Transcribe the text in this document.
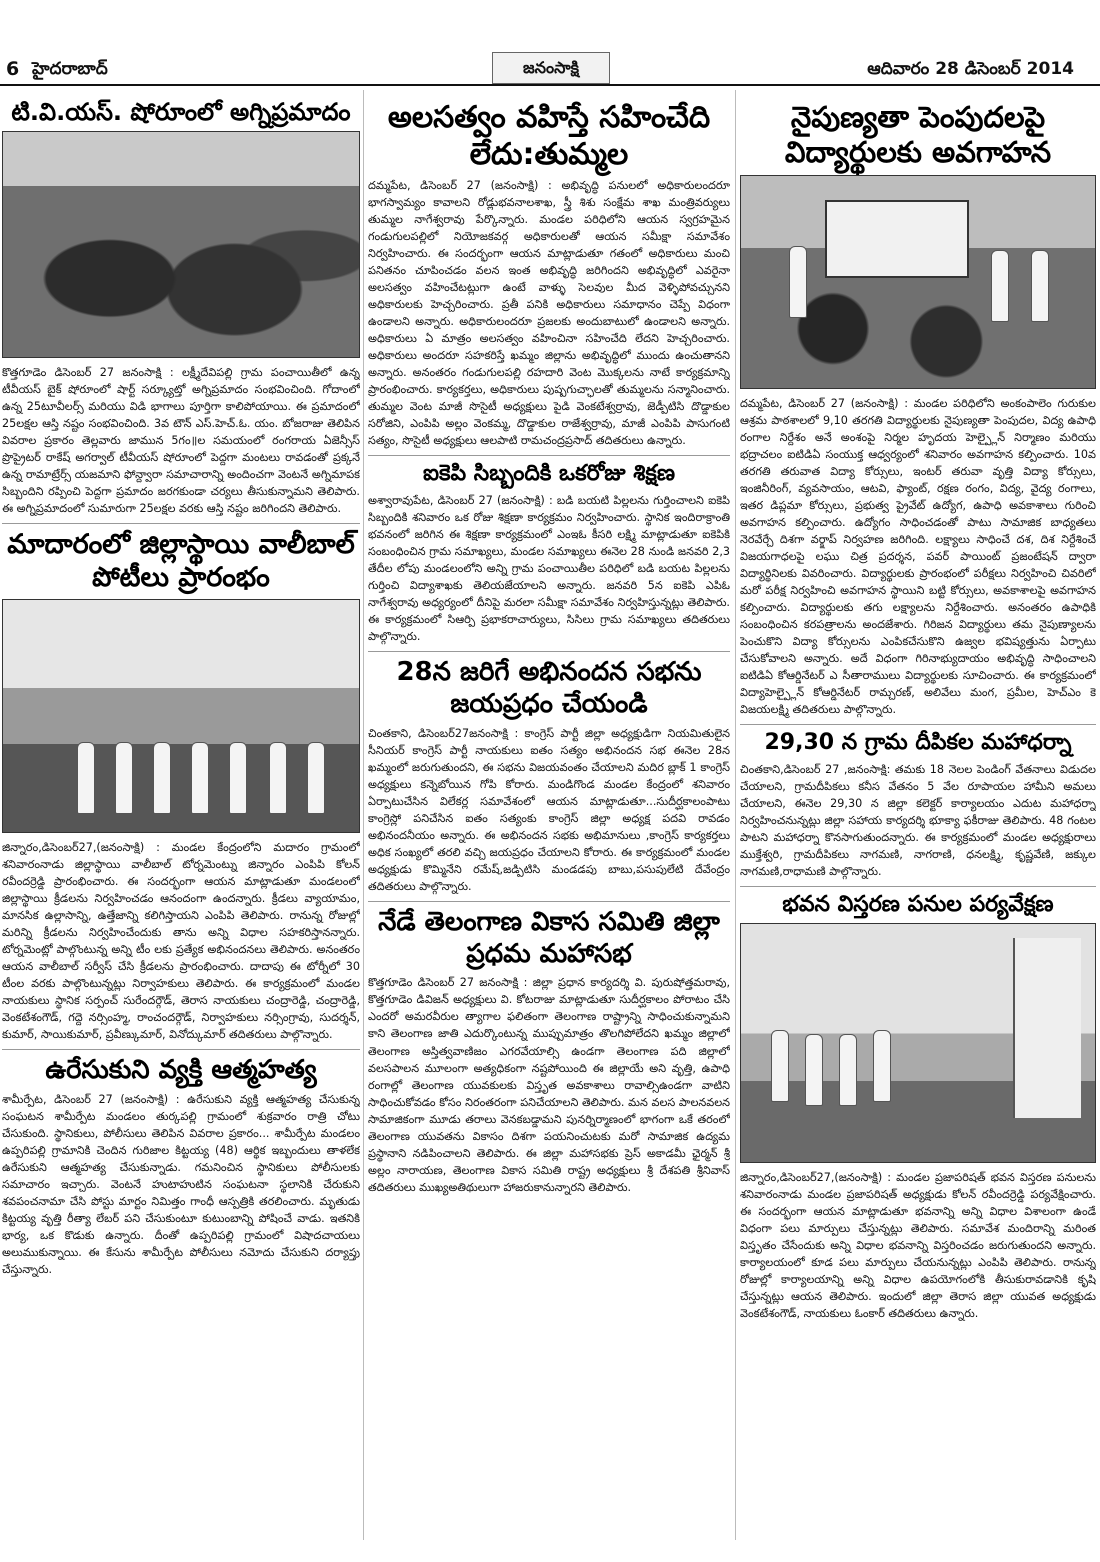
6 హైదరాబాద్	జనంసాక్షి	ఆదివారం 28 డిసెంబర్ 2014
టి.వి.యస్. షోరూంలో అగ్నిప్రమాదం

కొత్తగూడెం డిసెంబర్ 27 జనంసాక్షి : లక్ష్మీదేవిపల్లి గ్రామ పంచాయితీలో ఉన్న టీవీయస్ బైక్ షోరూంలో షార్ట్ సర్క్యూట్తో అగ్నిప్రమాదం సంభవించింది. గోదాంలో ఉన్న 25టూవీలర్స్ మరియు విడి భాగాలు పూర్తిగా కాలిపోయాయి. ఈ ప్రమాదంలో 25లక్షల ఆస్తి నష్టం సంభవించింది. 3వ టౌన్ ఎస్.హెచ్.ఓ. యం. బోజరాజు తెలిపిన వివరాల ప్రకారం తెల్లవారు జామున 5గం॥ల సమయంలో రంగరాయ ఏజెన్సీస్ ప్రొప్రైటర్ రాకేష్ అగర్వాల్ టీవీయస్ షోరూంలో పెద్దగా మంటలు రావడంతో ప్రక్కనే ఉన్న రామాట్రేర్స్ యజమాని ఫోన్ద్వారా సమాచారాన్ని అందించగా వెంటనే అగ్నిమాపక సిబ్బందిని రప్పించి పెద్దగా ప్రమాదం జరగకుండా చర్యలు తీసుకున్నామని తెలిపారు. ఈ అగ్నిప్రమాదంలో సుమారుగా 25లక్షల వరకు ఆస్తి నష్టం జరిగిందని తెలిపారు.

మాదారంలో జిల్లాస్థాయి వాలీబాల్ పోటీలు ప్రారంభం

జిన్నారం,డిసెంబర్27,(జనంసాక్షి) : మండల కేంద్రంలోని మదారం గ్రామంలో శనివారంనాడు జిల్లాస్థాయి వాలీబాల్ టోర్నమెంట్ను జిన్నారం ఎంపిపి కోలన్ రవీందర్రెడ్డి ప్రారంభించారు. ఈ సందర్భంగా ఆయన మాట్లాడుతూ మండలంలో జిల్లాస్థాయి క్రీడలను నిర్వహించడం ఆనందంగా ఉందన్నారు. క్రీడలు వ్యాయామం, మానసిక ఉల్లాసాన్ని, ఉత్తేజాన్ని కలిగిస్తాయని ఎంపిపి తెలిపారు. రానున్న రోజుల్లో మరిన్ని క్రీడలను నిర్వహించేందుకు తాను అన్ని విధాల సహకరిస్తానన్నారు. టోర్నమెంట్లో పాల్గొంటున్న అన్ని టీం లకు ప్రత్యేక అభినందనలు తెలిపారు. అనంతరం ఆయన వాలీబాల్ సర్వీస్ చేసి క్రీడలను ప్రారంభించారు. దాదాపు ఈ టోర్నీలో 30 టీంల వరకు పాల్గొంటున్నట్లు నిర్వాహకులు తెలిపారు. ఈ కార్యక్రమంలో మండల నాయకులు స్థానిక సర్పంచ్ సురేందర్గౌడ్, తెరాస నాయకులు చంద్రారెడ్డి, చంద్రారెడ్డి, వెంకటేశంగౌడ్, గద్దె నర్సింహ్మ, రాంచందర్గౌడ్, నిర్వాహకులు నర్సింగ్రావు, సుదర్శన్, కుమార్, సాయికుమార్, ప్రవీణ్కుమార్, వినోద్కుమార్ తదితరులు పాల్గొన్నారు.

ఉరేసుకుని వ్యక్తి ఆత్మహత్య

శామీర్పేట, డిసెంబర్ 27 (జనంసాక్షి) : ఉరేసుకుని వ్యక్తి ఆత్మహత్య చేసుకున్న సంఘటన శామీర్పేట మండలం తుర్కపల్లి గ్రామంలో శుక్రవారం రాత్రి చోటు చేసుకుంది. స్థానికులు, పోలీసులు తెలిపిన వివరాల ప్రకారం... శామీర్పేట మండలం ఉప్పరిపల్లి గ్రామానికి చెందిన గురిజాల కిట్టయ్య (48) ఆర్థిక ఇబ్బందులు తాళలేక ఉరేసుకుని ఆత్మహత్య చేసుకున్నాడు. గమనించిన స్థానికులు పోలీసులకు సమాచారం ఇచ్చారు. వెంటనే హుటాహుటిన సంఘటనా స్థలానికి చేరుకుని శవపంచనామా చేసి పోస్టు మార్టం నిమిత్తం గాంధీ ఆస్పత్రికి తరలించారు. మృతుడు కిట్టయ్య వృత్తి రీత్యా లేబర్ పని చేసుకుంటూ కుటుంబాన్ని పోషించే వాడు. ఇతనికి భార్య, ఒక కొడుకు ఉన్నారు. దీంతో ఉప్పరిపల్లి గ్రామంలో విషాదచాయలు అలుముకున్నాయి. ఈ కేసును శామీర్పేట పోలీసులు నమోదు చేసుకుని దర్యాప్తు చేస్తున్నారు.

అలసత్వం వహిస్తే సహించేది లేదు:తుమ్మల

దమ్మపేట, డిసెంబర్ 27 (జనంసాక్షి) : అభివృద్ధి పనులలో అధికారులందరూ భాగస్వామ్యం కావాలని రోడ్లుభవనాలశాఖ, స్త్రీ శిశు సంక్షేమ శాఖ మంత్రివర్యులు తుమ్మల నాగేశ్వరావు పేర్కొన్నారు. మండల పరిధిలోని ఆయన స్వగ్రహమైన గండుగులపల్లిలో నియోజకవర్గ అధికారులతో ఆయన సమీక్షా సమావేశం నిర్వహించారు. ఈ సందర్భంగా ఆయన మాట్లాడుతూ గతంలో అధికారులు మంచి పనితనం చూపించడం వలన ఇంత అభివృద్ధి జరిగిందని అభివృద్ధిలో ఎవరైనా అలసత్వం వహించేటట్లుగా ఉంటే వాళ్ళు సెలవుల మీద వెళ్ళిపోవచ్చునని అధికారులకు హెచ్చరించారు. ప్రతీ పనికి అధికారులు సమాధానం చెప్పే విధంగా ఉండాలని అన్నారు. అధికారులందరూ ప్రజలకు అందుబాటులో ఉండాలని అన్నారు. అధికారులు ఏ మాత్రం అలసత్వం వహించినా సహించేది లేదని హెచ్చరించారు. అధికారులు అందరూ సహకరిస్తే ఖమ్మం జిల్లాను అభివృద్ధిలో ముందు ఉంచుతానని అన్నారు. అనంతరం గండుగులపల్లి రహదారి వెంట మొక్కలను నాటే కార్యక్రమాన్ని ప్రారంభించారు. కార్యకర్తలు, అధికారులు పుష్పగుచ్ఛాలతో తుమ్మలను సన్మానించారు. తుమ్మల వెంట మాజీ సొసైటీ అధ్యక్షులు పైడి వెంకటేశ్వర్రావు, జెడ్పీటిసి దొడ్డాకుల సరోజిని, ఎంపిపి అల్లం వెంకమ్మ, దొడ్డాకుల రాజేశ్వర్రావు, మాజీ ఎంపిపి పాసుగంటి సత్యం, సొసైటీ అధ్యక్షులు ఆలపాటి రామచంద్రప్రసాద్ తదితరులు ఉన్నారు.

ఐకెపి సిబ్బందికి ఒకరోజు శిక్షణ

అశ్వారావుపేట, డిసెంబర్ 27 (జనంసాక్షి) : బడి బయటి పిల్లలను గుర్తించాలని ఐకెపి సిబ్బందికి శనివారం ఒక రోజు శిక్షణా కార్యక్రమం నిర్వహించారు. స్థానిక ఇందిరాక్రాంతి భవనంలో జరిగిన ఈ శిక్షణా కార్యక్రమంలో ఎంఇఓ కీసరి లక్ష్మి మాట్లాడుతూ ఐకెపికి సంబంధించిన గ్రామ సమాఖ్యలు, మండల సమాఖ్యలు ఈనెల 28 నుండి జనవరి 2,3 తేదీల లోపు మండలంలోని అన్ని గ్రామ పంచాయితీల పరిధిలో బడి బయట పిల్లలను గుర్తించి విద్యాశాఖకు తెలియజేయాలని అన్నారు. జనవరి 5న ఐకెపి ఎపిఓ నాగేశ్వరావు అధ్యర్యంలో దీనిపై మరలా సమీక్షా సమావేశం నిర్వహిస్తున్నట్లు తెలిపారు. ఈ కార్యక్రమంలో సిఆర్పి ప్రభాకరాచార్యులు, సిసిలు గ్రామ సమాఖ్యలు తదితరులు పాల్గొన్నారు.

28న జరిగే అభినందన సభను జయప్రధం చేయండి

చింతకాని, డిసెంబర్27జనంసాక్షి : కాంగ్రెస్ పార్టీ జిల్లా అధ్యక్షుడిగా నియమితులైన సీనియర్ కాంగ్రెస్ పార్టీ నాయకులు ఐతం సత్యం అభినందన సభ ఈనెల 28న ఖమ్మంలో జరుగుతుందని, ఈ సభను విజయవంతం చేయాలని మదిర బ్లాక్ 1 కాంగ్రెస్ అధ్యక్షులు కన్నెబోయిన గోపి కోరారు. మండిగొండ మండల కేంద్రంలో శనివారం ఏర్పాటుచేసిన విలేకర్ల సమావేశంలో ఆయన మాట్లాడుతూ...సుదీర్ఘకాలంపాటు కాంగ్రెస్లో పనిచేసిన ఐతం సత్యంకు కాంగ్రెస్ జిల్లా అధ్యక్ష పదవి రావడం అభినందనీయం అన్నారు. ఈ అభినందన సభకు అభిమానులు ,కాంగ్రెస్ కార్యకర్తలు అధిక సంఖ్యలో తరలి వచ్చి జయప్రధం చేయాలని కోరారు. ఈ కార్యక్రమంలో మండల అధ్యక్షుడు కొమ్మినేని రమేష్,జడ్పిటిసి మండడపు బాబు,పసుపులేటి దేవేంద్రం తదితరులు పాల్గొన్నారు.

నేడే తెలంగాణ వికాస సమితి జిల్లా ప్రధమ మహాసభ

కొత్తగూడెం డిసెంబర్ 27 జనంసాక్షి : జిల్లా ప్రధాన కార్యదర్శి వి. పురుషోత్తమరావు, కొత్తగూడెం డివిజన్ అధ్యక్షులు వి. కోటరాజు మాట్లాడుతూ సుదీర్ఘకాలం పోరాటం చేసి ఎందరో అమరవీరుల త్యాగాల ఫలితంగా తెలంగాణ రాష్ట్రాన్ని సాధించుకున్నామని కాని తెలంగాణ జాతి ఎదుర్కొంటున్న ముప్పుమాత్రం తొలగిపోలేదని ఖమ్మం జిల్లాలో తెలంగాణ అస్తిత్వవాణిజం ఎగరవేయాల్సి ఉండగా తెలంగాణ పది జిల్లాలో వలసపాలన మూలంగా అత్యధికంగా నష్టపోయింది ఈ జిల్లాయే అని వృత్తి, ఉపాధి రంగాల్లో తెలంగాణ యువకులకు విస్తృత అవకాశాలు రావాల్సిఉండగా వాటిని సాధించుకోవడం కోసం నిరంతరంగా పనిచేయాలని తెలిపారు. మన వలస పాలనవలన సామాజికంగా మూడు తరాలు వెనకబడ్డామని పునర్నిర్మాణంలో భాగంగా ఒకే తరంలో తెలంగాణ యువతను వికాసం దిశగా పయనించుటకు మరో సామాజిక ఉద్యమ ప్రస్థానాని నడిపించాలని తెలిపారు. ఈ జిల్లా మహాసభకు ప్రెస్ అకాడమీ ఛైర్మన్ శ్రీ అల్లం నారాయణ, తెలంగాణ వికాస సమితి రాష్ట్ర అధ్యక్షులు శ్రీ దేశపతి శ్రీనివాస్ తదితరులు ముఖ్యఅతిథులుగా హాజరుకానున్నారని తెలిపారు.

నైపుణ్యతా పెంపుదలపై విద్యార్థులకు అవగాహన

దమ్మపేట, డిసెంబర్ 27 (జనంసాక్షి) : మండల పరిధిలోని అంకంపాలెం గురుకుల ఆశ్రమ పాఠశాలలో 9,10 తరగతి విద్యార్థులకు నైపుణ్యతా పెంపుదల, విద్య ఉపాధి రంగాల నిర్దేశం అనే అంశంపై నిర్మల హృదయ హెల్ప్లైన్ నిర్మాణం మరియు భద్రాచలం ఐటిడిఏ సంయుక్త ఆధ్వర్యంలో శనివారం అవగాహన కల్పించారు. 10వ తరగతి తరువాత విద్యా కోర్సులు, ఇంటర్ తరువా వృత్తి విద్యా కోర్సులు, ఇంజినీరింగ్, వ్యవసాయం, ఆటవి, ఫ్యాంట్, రక్షణ రంగం, విద్య, వైద్య రంగాలు, ఇతర డిప్లమా కోర్సులు, ప్రభుత్వ ప్రైవేట్ ఉద్యోగ, ఉపాధి అవకాశాలు గురించి అవగాహన కల్పించారు. ఉద్యోగం సాధించడంతో పాటు సామాజిక బాధ్యతలు నెరవేర్చే దిశగా వర్క్షాప్ నిర్వహణ జరిగింది. లక్ష్యాలు సాధించే దశ, దిశ నిర్దేశించే విజయగాధలపై లఘు చిత్ర ప్రదర్శన, పవర్ పాయింట్ ప్రజంటేషన్ ద్వారా విద్యార్థినిలకు వివరించారు. విద్యార్థులకు ప్రారంభంలో పరీక్షలు నిర్వహించి చివరిలో మరో పరీక్ష నిర్వహించి అవగాహన స్థాయిని బట్టి కోర్సులు, అవకాశాలపై అవగాహన కల్పించారు. విద్యార్థులకు తగు లక్ష్యాలను నిర్దేశించారు. అనంతరం ఉపాధికి సంబంధించిన కరపత్రాలను అందజేశారు. గిరిజన విద్యార్థులు తమ నైపుణ్యాలను పెంచుకొని విద్యా కోర్సులను ఎంపికచేసుకొని ఉజ్వల భవిష్యత్తును ఏర్పాటు చేసుకోవాలని అన్నారు. అదే విధంగా గిరినాభ్యుదాయం అభివృద్ధి సాధించాలని ఐటిడిఏ కోఆర్డినేటర్ ఎ సీతారాములు విద్యార్థులకు సూచించారు. ఈ కార్యక్రమంలో విద్యాహెల్ప్లైన్ కోఆర్డినేటర్ రామ్చరణ్, అలివేలు మంగ, ప్రమీల, హెచ్ఎం కె విజయలక్ష్మి తదితరులు పాల్గొన్నారు.

29,30 న గ్రామ దీపికల మహాధర్నా

చింతకాని,డిసెంబర్ 27 ,జనంసాక్షి: తమకు 18 నెలల పెండింగ్ వేతనాలు విడుదల చేయాలని, గ్రామదీపికలు కనీస వేతనం 5 వేల రూపాయల హామీని అమలు చేయాలని, ఈనెల 29,30 న జిల్లా కలెక్టర్ కార్యాలయం ఎదుట మహాధర్నా నిర్వహించనున్నట్లు జిల్లా సహాయ కార్యదర్శి భూక్యా ఫకీరాజు తెలిపారు. 48 గంటల పాటని మహాధర్నా కొనసాగుతుందన్నారు. ఈ కార్యక్రమంలో మండల అధ్యక్షురాలు ముక్తేశ్వరి, గ్రామదీపికలు నాగమణి, నాగరాణి, ధనలక్ష్మి, కృష్ణవేణి, జక్కుల నాగమణి,రాధామణి పాల్గొన్నారు.

భవన విస్తరణ పనుల పర్యవేక్షణ

జిన్నారం,డిసెంబర్27,(జనంసాక్షి) : మండల ప్రజాపరిషత్ భవన విస్తరణ పనులను శనివారంనాడు మండల ప్రజాపరిషత్ అధ్యక్షుడు కోలన్ రవీందర్రెడ్డి పర్యవేక్షించారు. ఈ సందర్భంగా ఆయన మాట్లాడుతూ భవనాన్ని అన్ని విధాల విశాలంగా ఉండే విధంగా పలు మార్పులు చేస్తున్నట్లు తెలిపారు. సమావేశ మందిరాన్ని మరింత విస్తృతం చేసేందుకు అన్ని విధాల భవనాన్ని విస్తరించడం జరుగుతుందని అన్నారు. కార్యాలయంలో కూడ పలు మార్పులు చేయనున్నట్లు ఎంపిపి తెలిపారు. రానున్న రోజుల్లో కార్యాలయాన్ని అన్ని విధాల ఉపయోగంలోకి తీసుకురావడానికి కృషి చేస్తున్నట్లు ఆయన తెలిపారు. ఇందులో జిల్లా తెరాస జిల్లా యువత అధ్యక్షుడు వెంకటేశంగౌడ్, నాయకులు ఓంకార్ తదితరులు ఉన్నారు.
